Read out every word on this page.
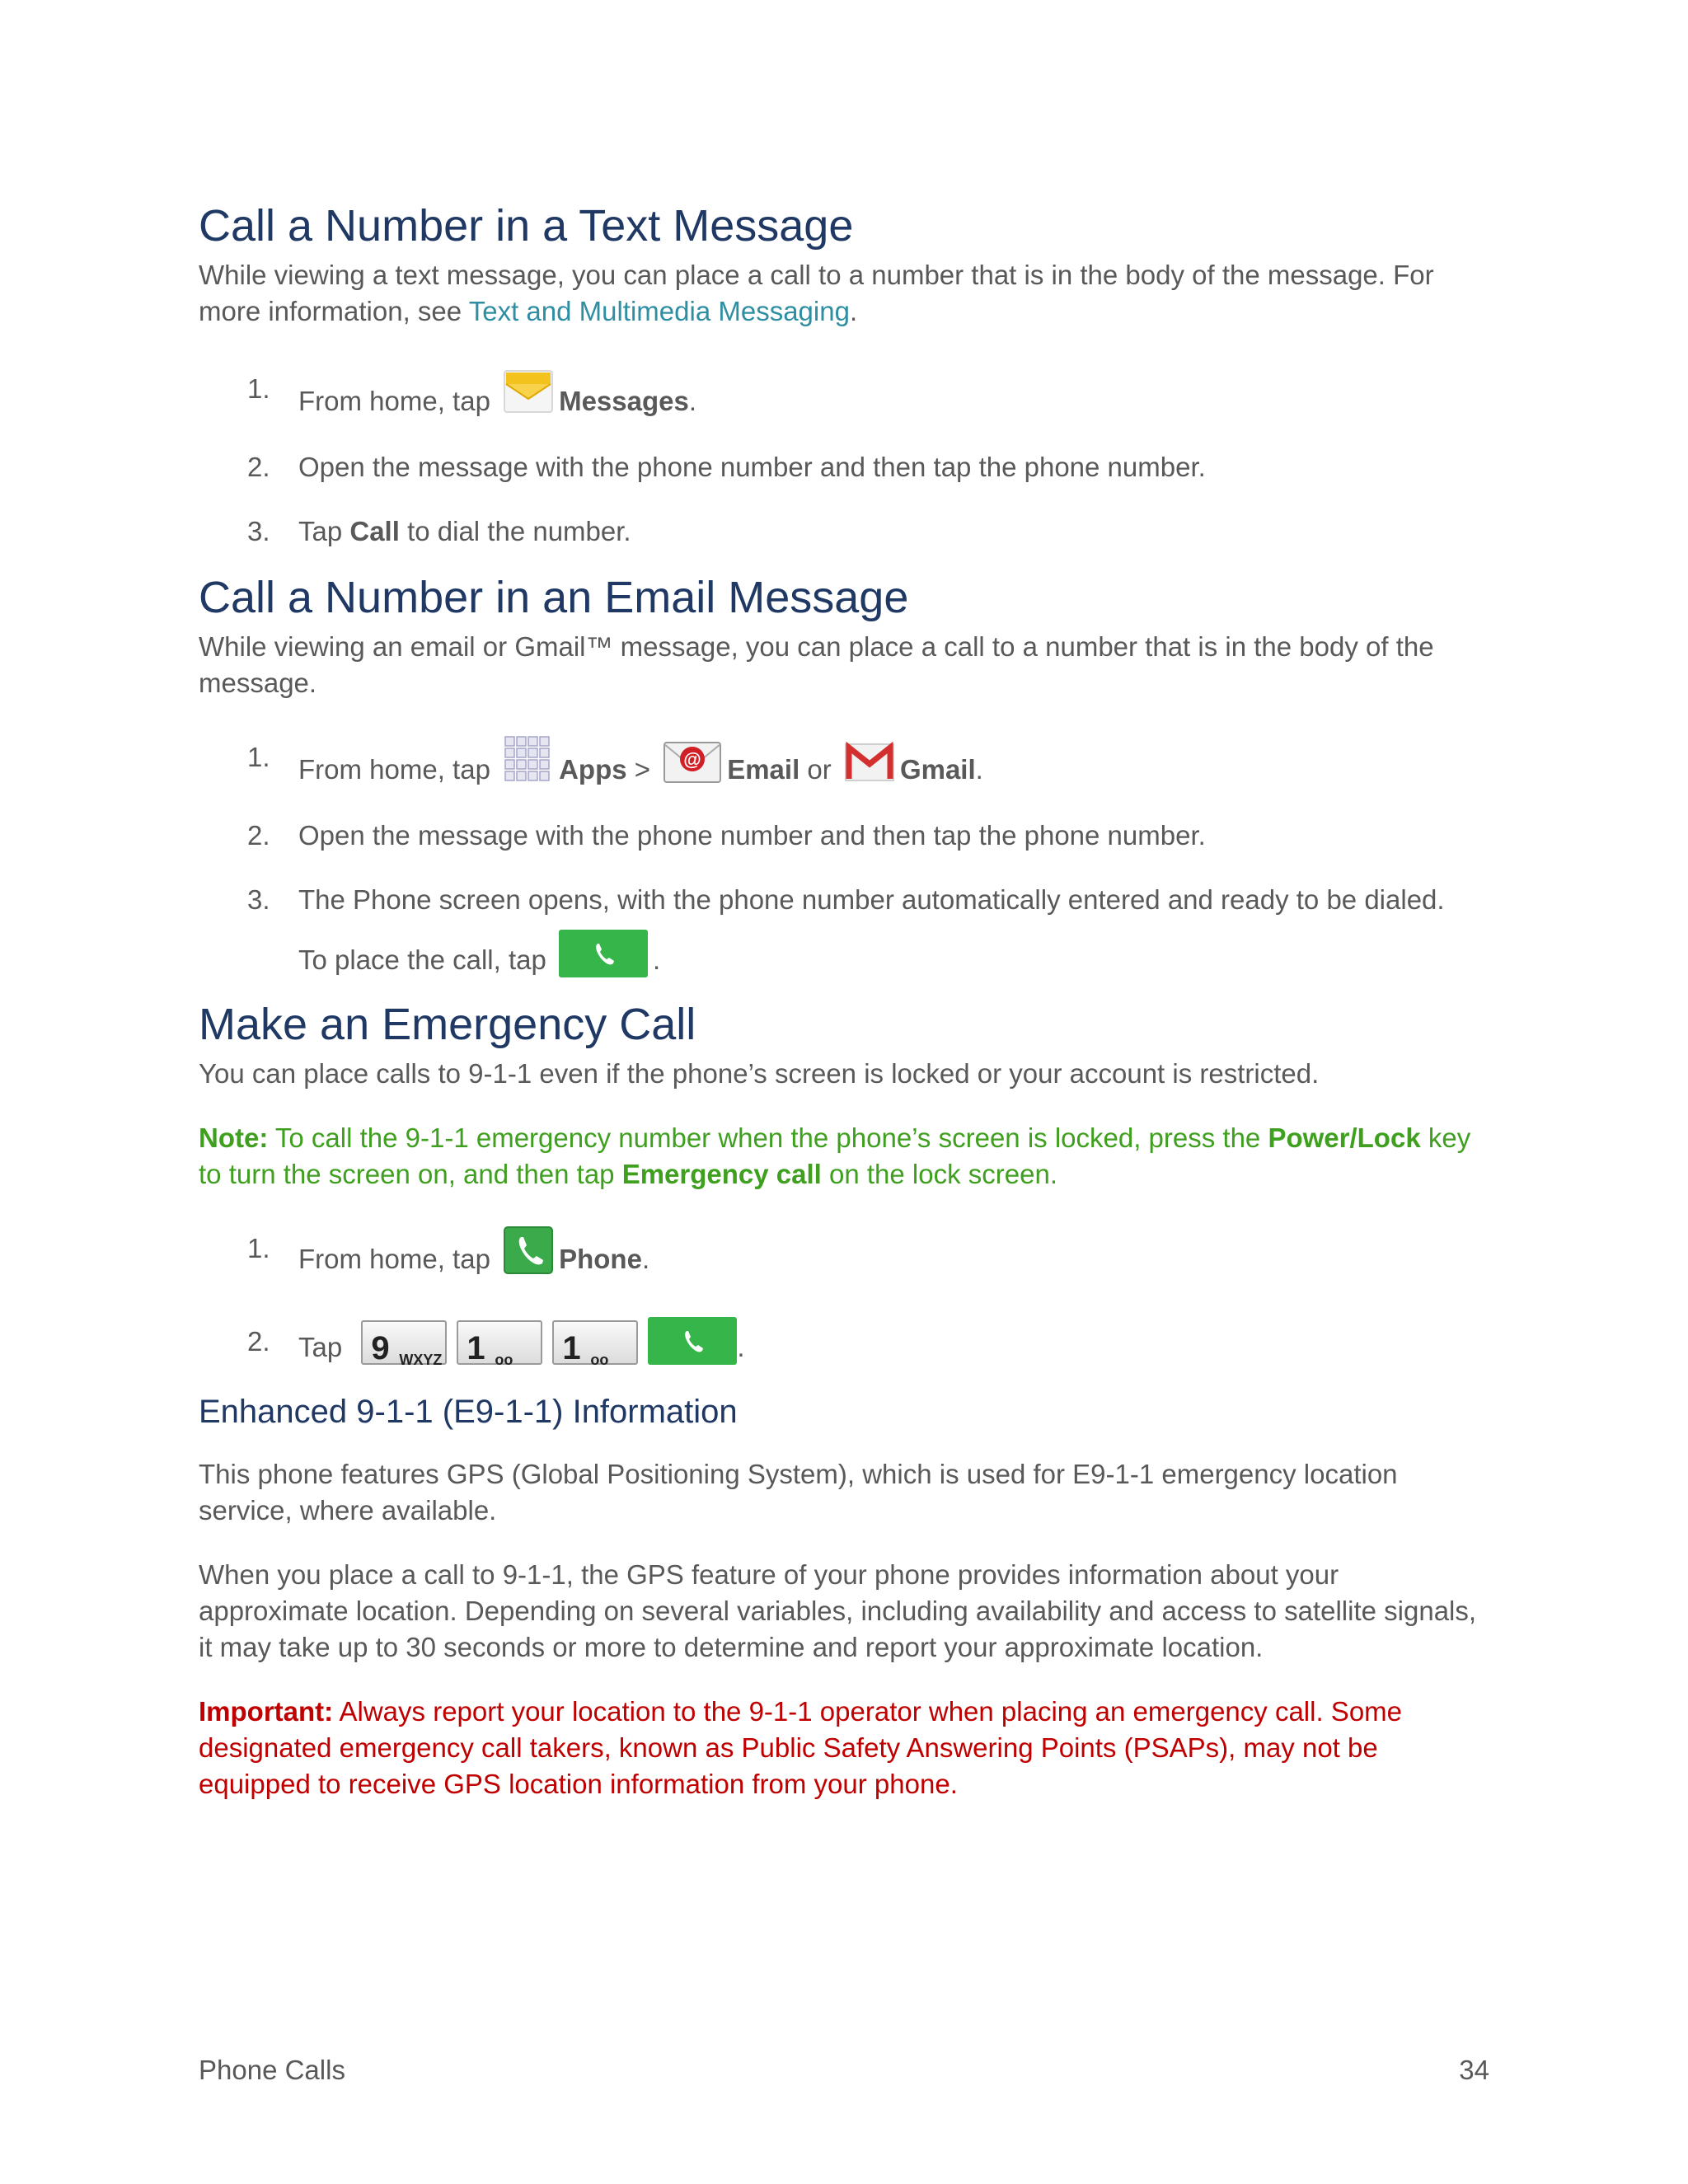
Call a Number in a Text Message

While viewing a text message, you can place a call to a number that is in the body of the message. For more information, see Text and Multimedia Messaging.

1. From home, tap	Messages.
2. Open the message with the phone number and then tap the phone number.
3. Tap Call to dial the number.
Call a Number in an Email Message

While viewing an email or Gmail™ message, you can place a call to a number that is in the body of the message.

1. From home, tap	Apps > @ Email or Gmail.
2. Open the message with the phone number and then tap the phone number.
3. The Phone screen opens, with the phone number automatically entered and ready to be dialed.
To place the call, tap	.
Make an Emergency Call

You can place calls to 9-1-1 even if the phone’s screen is locked or your account is restricted.

Note: To call the 9-1-1 emergency number when the phone’s screen is locked, press the Power/Lock key to turn the screen on, and then tap Emergency call on the lock screen.

1. From home, tap	Phone.
2. Tap 9 WXYZ 1 oo 1 oo	.
Enhanced 9-1-1 (E9-1-1) Information

This phone features GPS (Global Positioning System), which is used for E9-1-1 emergency location service, where available.

When you place a call to 9-1-1, the GPS feature of your phone provides information about your approximate location. Depending on several variables, including availability and access to satellite signals, it may take up to 30 seconds or more to determine and report your approximate location.

Important: Always report your location to the 9-1-1 operator when placing an emergency call. Some designated emergency call takers, known as Public Safety Answering Points (PSAPs), may not be equipped to receive GPS location information from your phone.

Phone Calls	34
